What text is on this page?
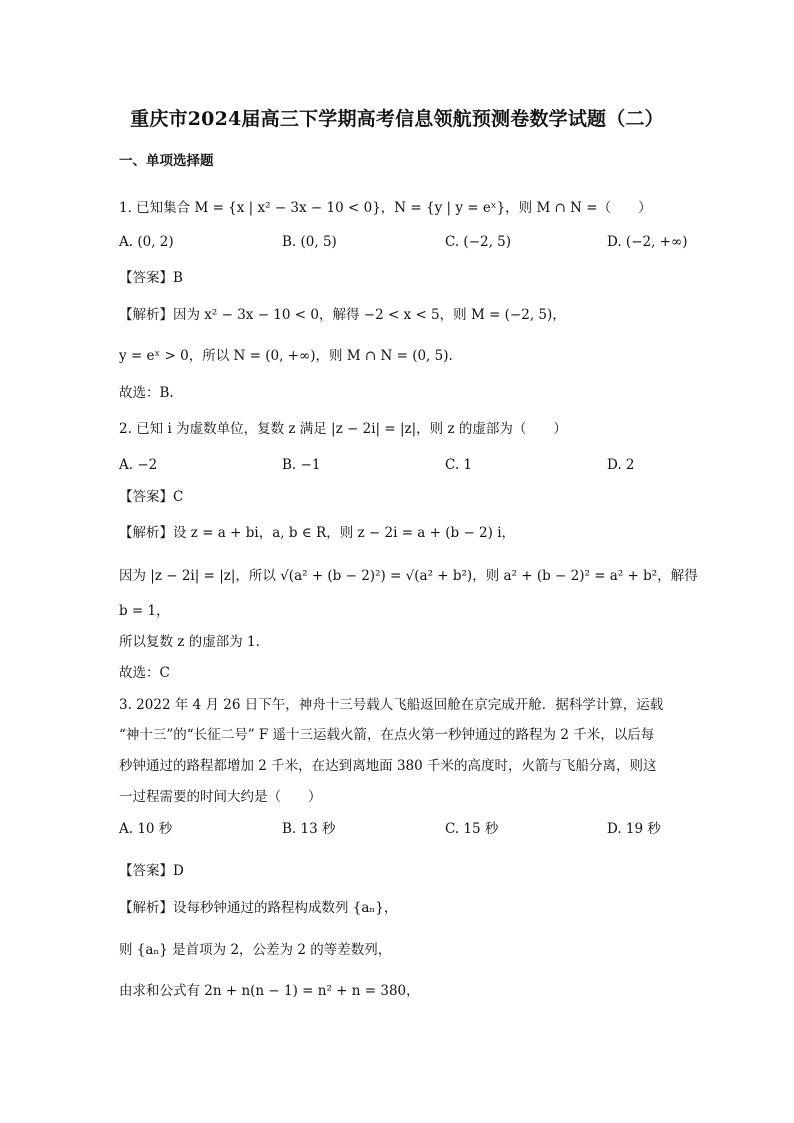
重庆市2024届高三下学期高考信息领航预测卷数学试题（二）
一、单项选择题
1. 已知集合 M = {x | x² − 3x − 10 < 0}，N = {y | y = eˣ}，则 M ∩ N =（　　）
A. (0, 2)	B. (0, 5)	C. (−2, 5)	D. (−2, +∞)
【答案】B
【解析】因为 x² − 3x − 10 < 0，解得 −2 < x < 5，则 M = (−2, 5)，
y = eˣ > 0，所以 N = (0, +∞)，则 M ∩ N = (0, 5).
故选：B.
2. 已知 i 为虚数单位，复数 z 满足 |z − 2i| = |z|，则 z 的虚部为（　　）
A. −2	B. −1	C. 1	D. 2
【答案】C
【解析】设 z = a + bi，a, b ∈ R，则 z − 2i = a + (b − 2) i，
因为 |z − 2i| = |z|，所以 √(a² + (b − 2)²) = √(a² + b²)，则 a² + (b − 2)² = a² + b²，解得
b = 1，
所以复数 z 的虚部为 1.
故选：C
3. 2022 年 4 月 26 日下午，神舟十三号载人飞船返回舱在京完成开舱．据科学计算，运载
“神十三”的“长征二号” F 遥十三运载火箭，在点火第一秒钟通过的路程为 2 千米，以后每
秒钟通过的路程都增加 2 千米，在达到离地面 380 千米的高度时，火箭与飞船分离，则这
一过程需要的时间大约是（　　）
A. 10 秒	B. 13 秒	C. 15 秒	D. 19 秒
【答案】D
【解析】设每秒钟通过的路程构成数列 {aₙ}，
则 {aₙ} 是首项为 2，公差为 2 的等差数列，
由求和公式有 2n + n(n − 1) = n² + n = 380，
